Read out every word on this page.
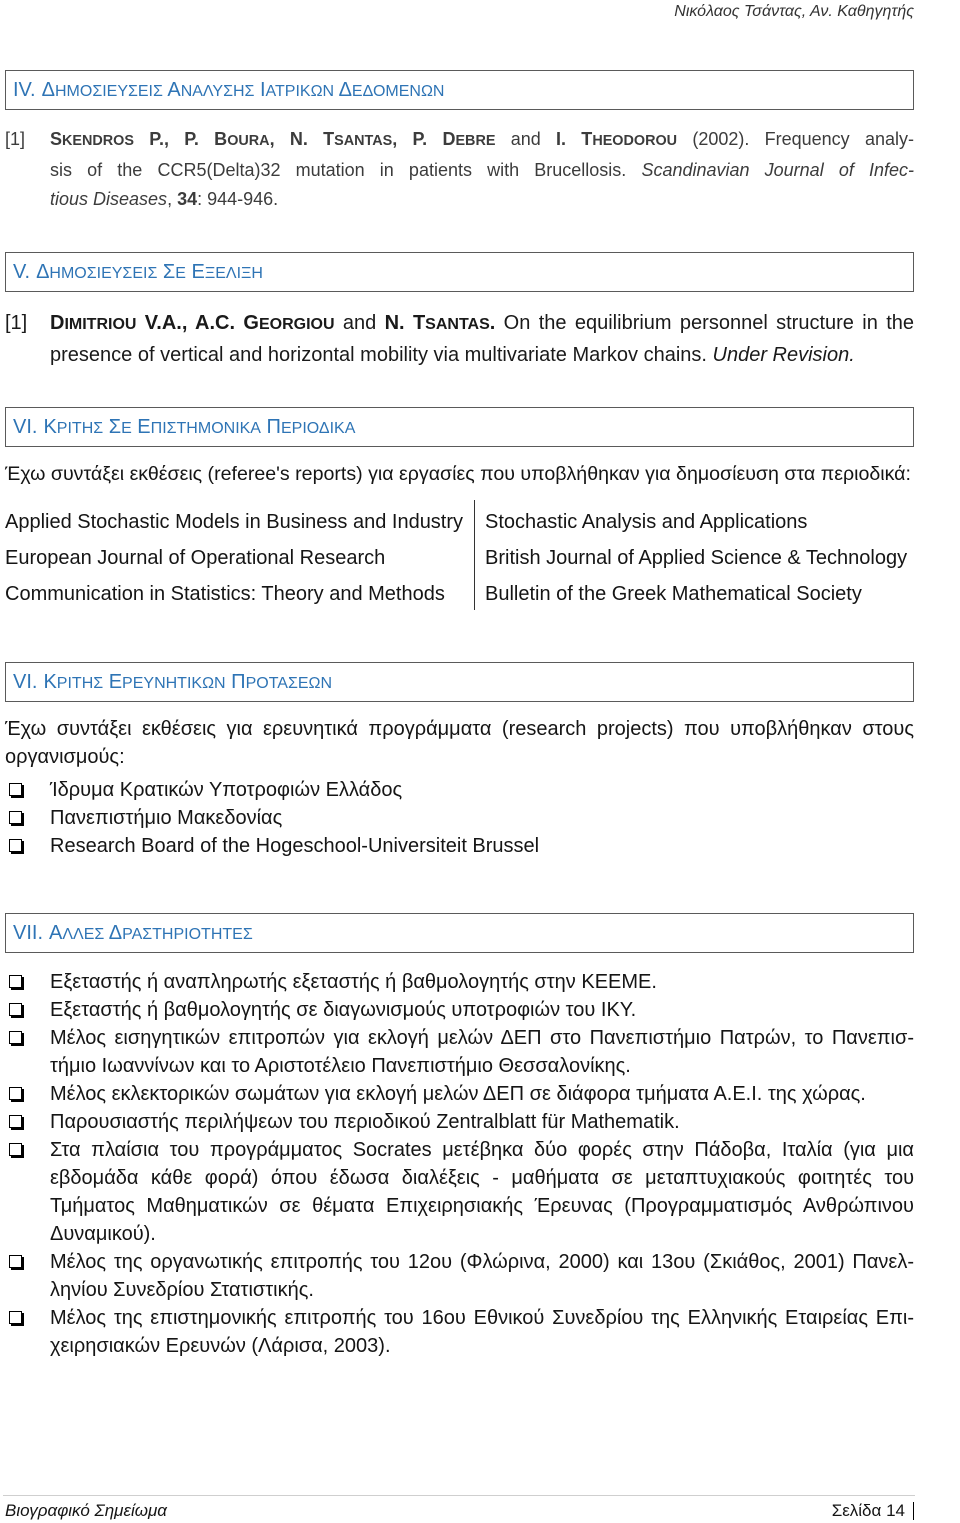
Νικόλαος Τσάντας, Αν. Καθηγητής
IV. ΔΗΜΟΣΙΕΥΣΕΙΣ ΑΝΑΛΥΣΗΣ ΙΑΤΡΙΚΩΝ ΔΕΔΟΜΕΝΩΝ
[1] SKENDROS P., P. BOURA, N. TSANTAS, P. DEBRE and I. THEODOROU (2002). Frequency analy-
sis of the CCR5(Delta)32 mutation in patients with Brucellosis. Scandinavian Journal of Infec-
tious Diseases, 34: 944-946.
V. ΔΗΜΟΣΙΕΥΣΕΙΣ ΣΕ ΕΞΕΛΙΞΗ
[1] DIMITRIOU V.A., A.C. GEORGIOU and N. TSANTAS. On the equilibrium personnel structure in the
presence of vertical and horizontal mobility via multivariate Markov chains. Under Revision.
VI. ΚΡΙΤΗΣ ΣΕ ΕΠΙΣΤΗΜΟΝΙΚΑ ΠΕΡΙΟΔΙΚΑ
Έχω συντάξει εκθέσεις (referee's reports) για εργασίες που υποβλήθηκαν για δημοσίευση στα περιοδικά:
Applied Stochastic Models in Business and Industry
European Journal of Operational Research
Communication in Statistics: Theory and Methods
Stochastic Analysis and Applications
British Journal of Applied Science & Technology
Bulletin of the Greek Mathematical Society
VI. ΚΡΙΤΗΣ ΕΡΕΥΝΗΤΙΚΩΝ ΠΡΟΤΑΣΕΩΝ
Έχω συντάξει εκθέσεις για ερευνητικά προγράμματα (research projects) που υποβλήθηκαν στους
οργανισμούς:
Ίδρυμα Κρατικών Υποτροφιών Ελλάδος
Πανεπιστήμιο Μακεδονίας
Research Board of the Hogeschool-Universiteit Brussel
VII. ΑΛΛΕΣ ΔΡΑΣΤΗΡΙΟΤΗΤΕΣ
Εξεταστής ή αναπληρωτής εξεταστής ή βαθμολογητής στην ΚΕΕΜΕ.
Εξεταστής ή βαθμολογητής σε διαγωνισμούς υποτροφιών του ΙΚΥ.
Μέλος εισηγητικών επιτροπών για εκλογή μελών ΔΕΠ στο Πανεπιστήμιο Πατρών, το Πανεπισ-
τήμιο Ιωαννίνων και το Αριστοτέλειο Πανεπιστήμιο Θεσσαλονίκης.
Μέλος εκλεκτορικών σωμάτων για εκλογή μελών ΔΕΠ σε διάφορα τμήματα Α.Ε.Ι. της χώρας.
Παρουσιαστής περιλήψεων του περιοδικού Zentralblatt für Mathematik.
Στα πλαίσια του προγράμματος Socrates μετέβηκα δύο φορές στην Πάδοβα, Ιταλία (για μια
εβδομάδα κάθε φορά) όπου έδωσα διαλέξεις - μαθήματα σε μεταπτυχιακούς φοιτητές του
Τμήματος Μαθηματικών σε θέματα Επιχειρησιακής Έρευνας (Προγραμματισμός Ανθρώπινου
Δυναμικού).
Μέλος της οργανωτικής επιτροπής του 12ου (Φλώρινα, 2000) και 13ου (Σκιάθος, 2001) Πανελ-
ληνίου Συνεδρίου Στατιστικής.
Μέλος της επιστημονικής επιτροπής του 16ου Εθνικού Συνεδρίου της Ελληνικής Εταιρείας Επι-
χειρησιακών Ερευνών (Λάρισα, 2003).
Βιογραφικό Σημείωμα	Σελίδα
14
